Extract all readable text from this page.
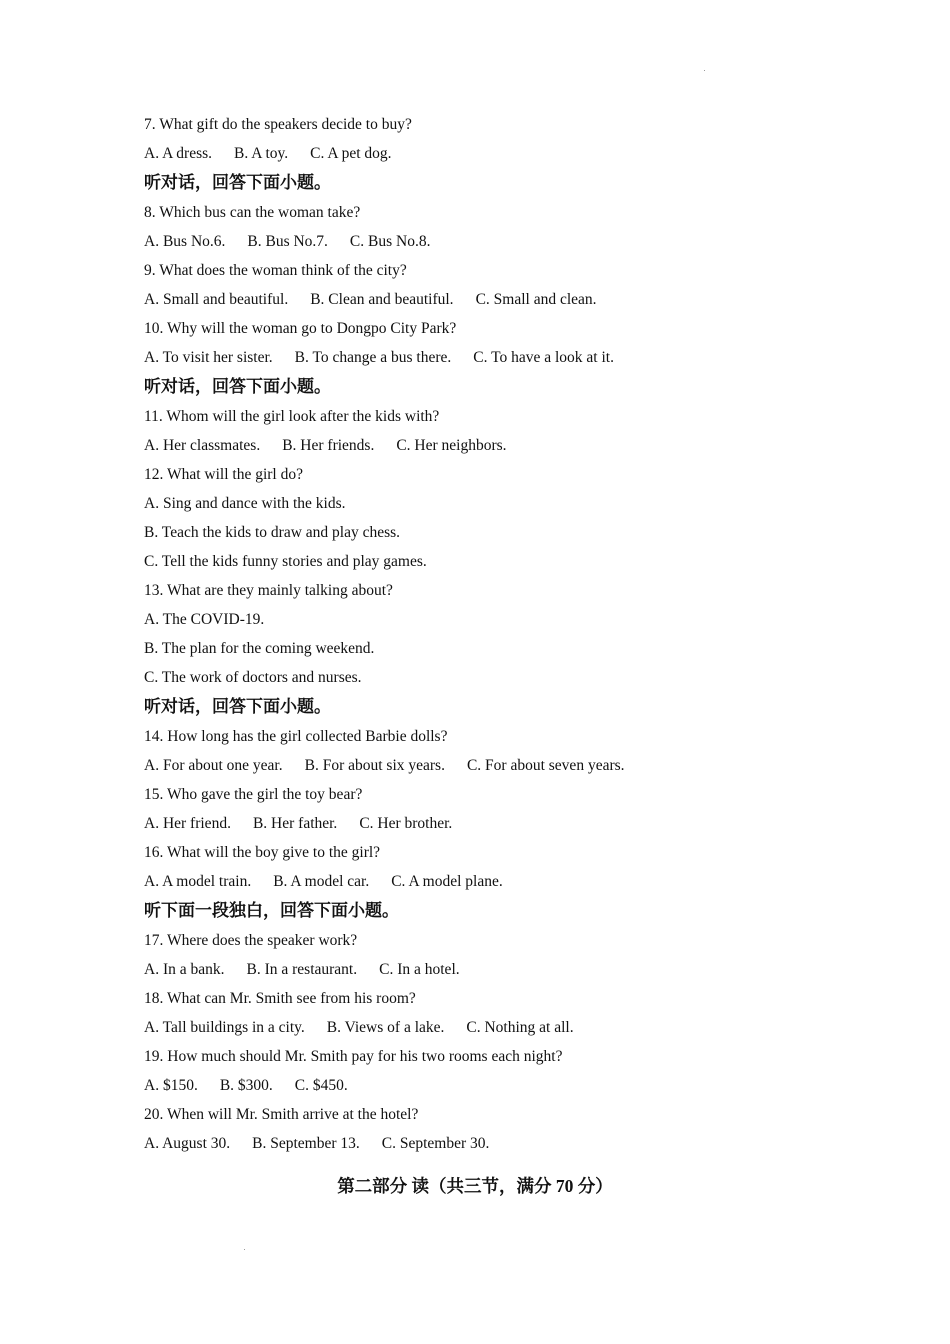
7. What gift do the speakers decide to buy?
A. A dress. B. A toy. C. A pet dog.
听对话，回答下面小题。
8. Which bus can the woman take?
A. Bus No.6. B. Bus No.7. C. Bus No.8.
9. What does the woman think of the city?
A. Small and beautiful. B. Clean and beautiful. C. Small and clean.
10. Why will the woman go to Dongpo City Park?
A. To visit her sister. B. To change a bus there. C. To have a look at it.
听对话，回答下面小题。
11. Whom will the girl look after the kids with?
A. Her classmates. B. Her friends. C. Her neighbors.
12. What will the girl do?
A. Sing and dance with the kids.
B. Teach the kids to draw and play chess.
C. Tell the kids funny stories and play games.
13. What are they mainly talking about?
A. The COVID-19.
B. The plan for the coming weekend.
C. The work of doctors and nurses.
听对话，回答下面小题。
14. How long has the girl collected Barbie dolls?
A. For about one year. B. For about six years. C. For about seven years.
15. Who gave the girl the toy bear?
A. Her friend. B. Her father. C. Her brother.
16. What will the boy give to the girl?
A. A model train. B. A model car. C. A model plane.
听下面一段独白，回答下面小题。
17. Where does the speaker work?
A. In a bank. B. In a restaurant. C. In a hotel.
18. What can Mr. Smith see from his room?
A. Tall buildings in a city. B. Views of a lake. C. Nothing at all.
19. How much should Mr. Smith pay for his two rooms each night?
A. $150. B. $300. C. $450.
20. When will Mr. Smith arrive at the hotel?
A. August 30. B. September 13. C. September 30.
第二部分 读（共三节，满分 70 分）
